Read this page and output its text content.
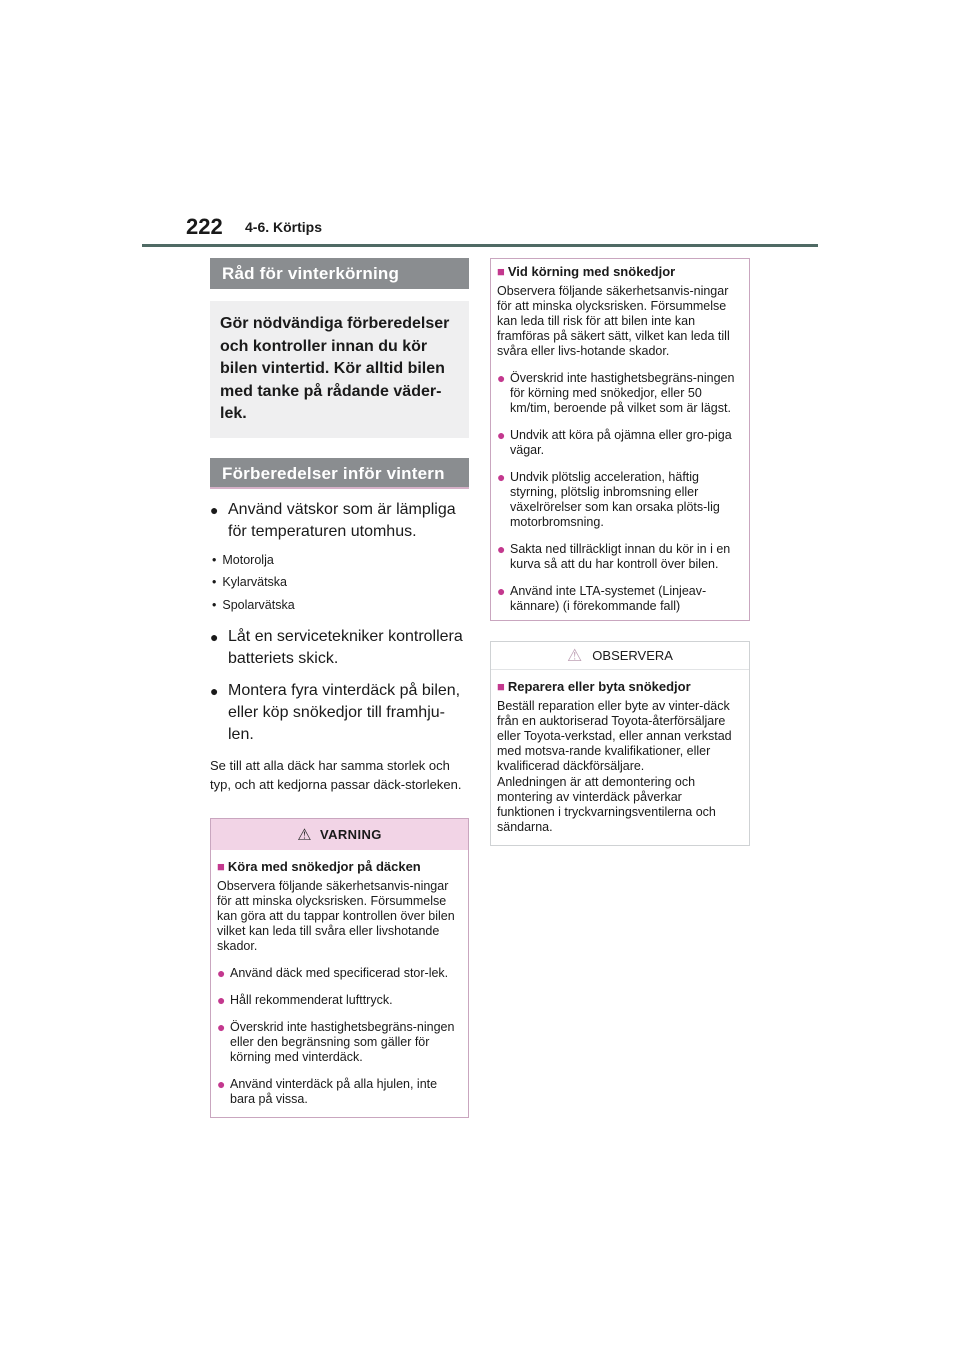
222 4-6. Körtips
Råd för vinterkörning
Gör nödvändiga förberedelser och kontroller innan du kör bilen vintertid. Kör alltid bilen med tanke på rådande väder-lek.
Förberedelser inför vintern
● Använd vätskor som är lämpliga för temperaturen utomhus.
• Motorolja
• Kylarvätska
• Spolarvätska
● Låt en servicetekniker kontrollera batteriets skick.
● Montera fyra vinterdäck på bilen, eller köp snökedjor till framhju-len.
Se till att alla däck har samma storlek och typ, och att kedjorna passar däck-storleken.
⚠ VARNING
■ Köra med snökedjor på däcken
Observera följande säkerhetsanvis-ningar för att minska olycksrisken. Försummelse kan göra att du tappar kontrollen över bilen vilket kan leda till svåra eller livshotande skador.
● Använd däck med specificerad stor-lek.
● Håll rekommenderat lufttryck.
● Överskrid inte hastighetsbegräns-ningen eller den begränsning som gäller för körning med vinterdäck.
● Använd vinterdäck på alla hjulen, inte bara på vissa.
■ Vid körning med snökedjor
Observera följande säkerhetsanvis-ningar för att minska olycksrisken. Försummelse kan leda till risk för att bilen inte kan framföras på säkert sätt, vilket kan leda till svåra eller livs-hotande skador.
● Överskrid inte hastighetsbegräns-ningen för körning med snökedjor, eller 50 km/tim, beroende på vilket som är lägst.
● Undvik att köra på ojämna eller gro-piga vägar.
● Undvik plötslig acceleration, häftig styrning, plötslig inbromsning eller växelrörelser som kan orsaka plöts-lig motorbromsning.
● Sakta ned tillräckligt innan du kör in i en kurva så att du har kontroll över bilen.
● Använd inte LTA-systemet (Linjeav-kännare) (i förekommande fall)
⚠ OBSERVERA
■ Reparera eller byta snökedjor
Beställ reparation eller byte av vinter-däck från en auktoriserad Toyota-återförsäljare eller Toyota-verkstad, eller annan verkstad med motsva-rande kvalifikationer, eller kvalificerad däckförsäljare.
Anledningen är att demontering och montering av vinterdäck påverkar funktionen i tryckvarningsventilerna och sändarna.
